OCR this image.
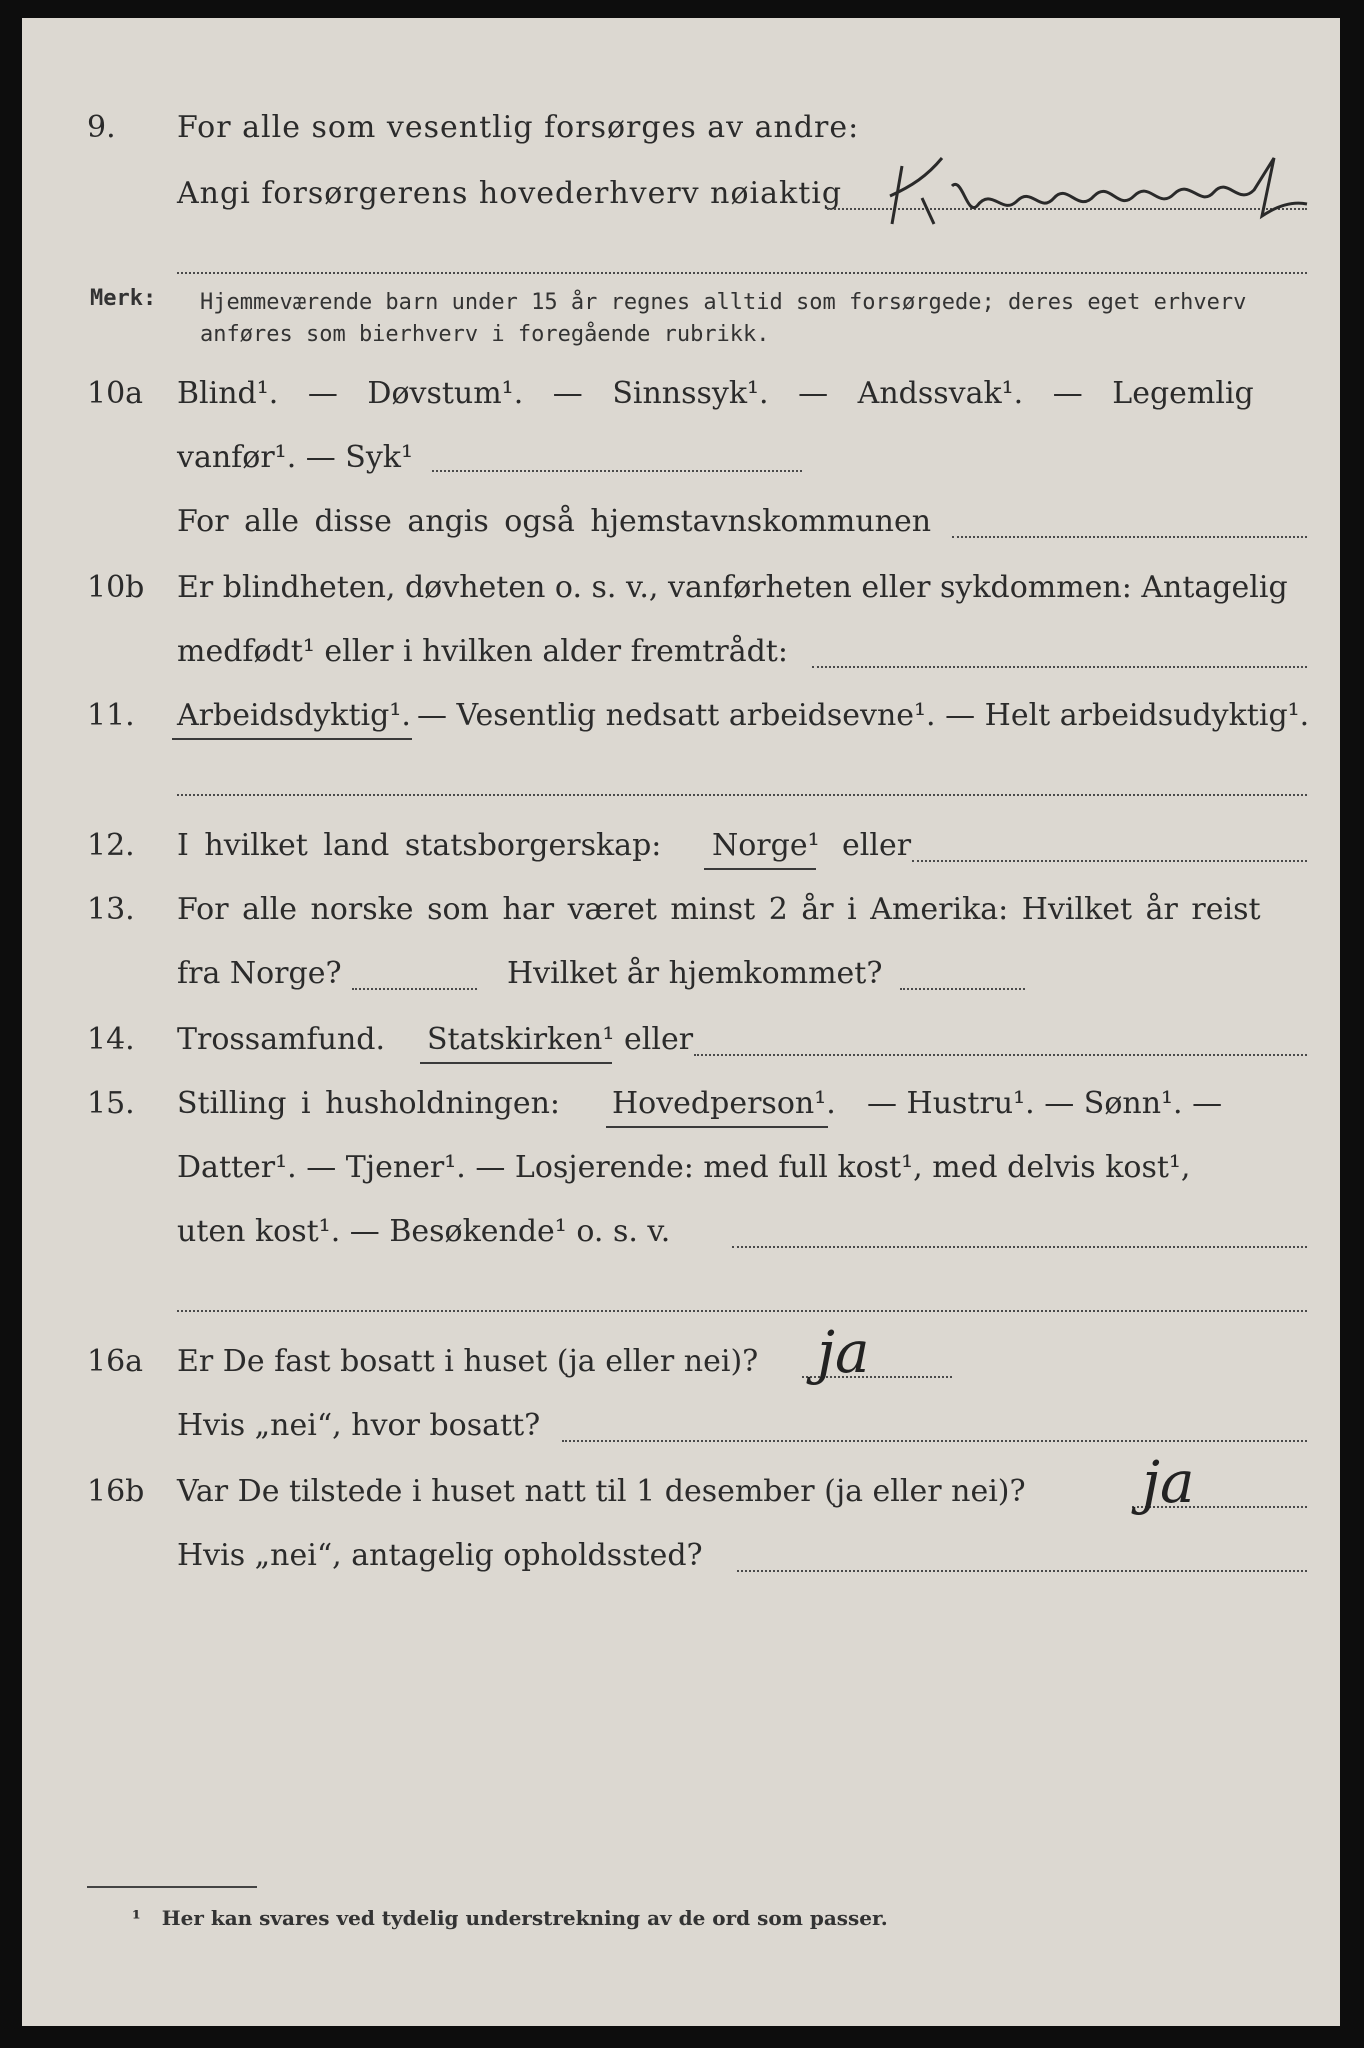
9.	For alle som vesentlig forsørges av andre:
Angi forsørgerens hovederhverv nøiaktig
Merk: Hjemmeværende barn under 15 år regnes alltid som forsørgede; deres eget erhverv
anføres som bierhverv i foregående rubrikk.
10a	Blind¹. — Døvstum¹. — Sinnssyk¹. — Andssvak¹. — Legemlig
vanfør¹. — Syk¹
For alle disse angis også hjemstavnskommunen
10b	Er blindheten, døvheten o. s. v., vanførheten eller sykdommen: Antagelig
medfødt¹ eller i hvilken alder fremtrådt:
11.	Arbeidsdyktig¹. — Vesentlig nedsatt arbeidsevne¹. — Helt arbeidsudyktig¹.
12.	I hvilket land statsborgerskap: Norge¹ eller
13.	For alle norske som har været minst 2 år i Amerika: Hvilket år reist
fra Norge?	Hvilket år hjemkommet?
14.	Trossamfund. Statskirken¹ eller
15.	Stilling i husholdningen: Hovedperson¹. — Hustru¹. — Sønn¹. —
Datter¹. — Tjener¹. — Losjerende: med full kost¹, med delvis kost¹,
uten kost¹. — Besøkende¹ o. s. v.
16a	Er De fast bosatt i huset (ja eller nei)? ja
Hvis „nei“, hvor bosatt?
16b	Var De tilstede i huset natt til 1 desember (ja eller nei)? ja
Hvis „nei“, antagelig opholdssted?
¹ Her kan svares ved tydelig understrekning av de ord som passer.
